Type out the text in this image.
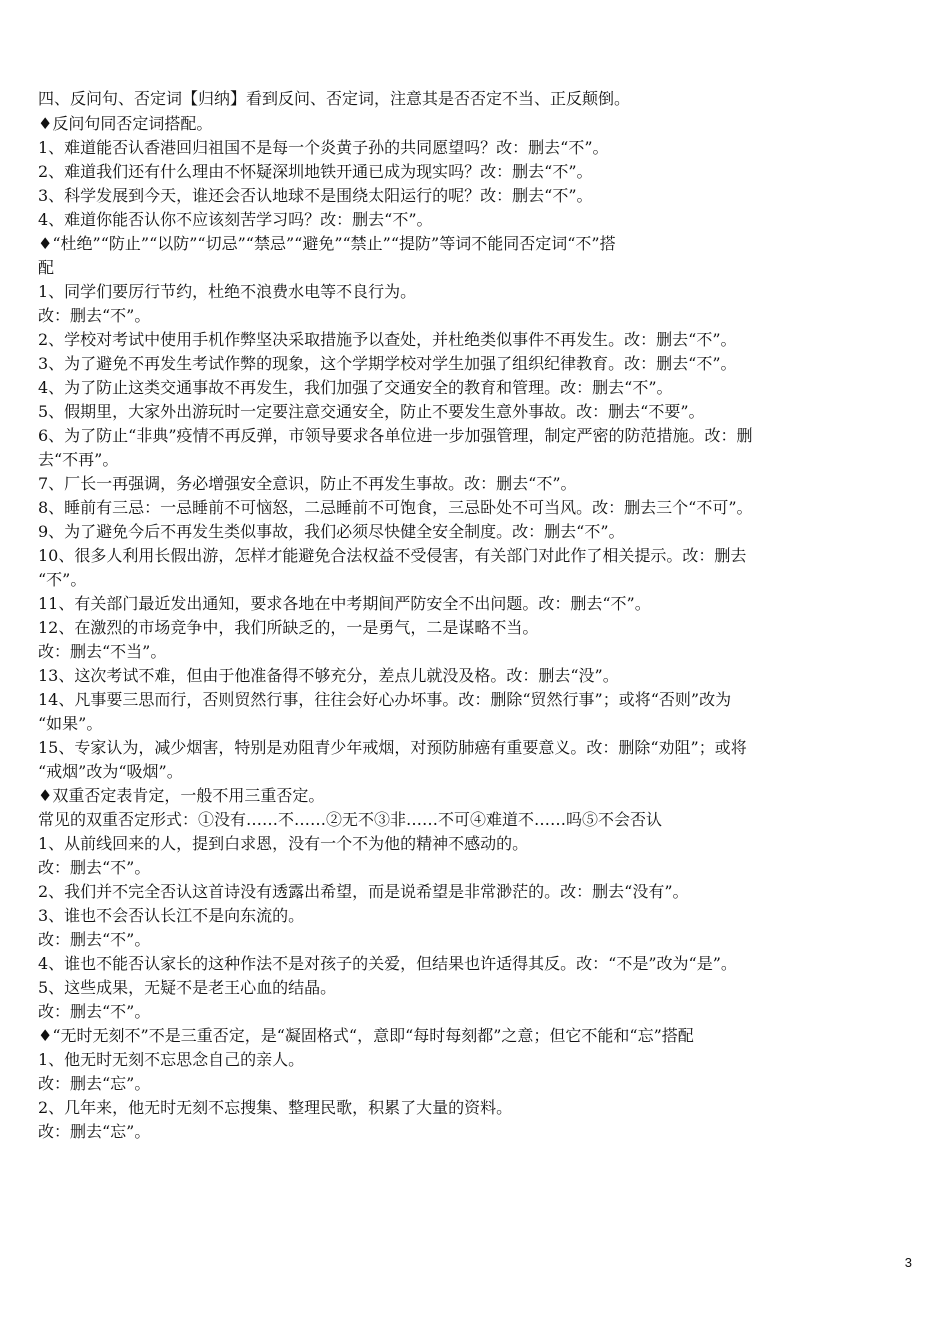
四、反问句、否定词【归纳】看到反问、否定词，注意其是否否定不当、正反颠倒。
♦反问句同否定词搭配。
1、难道能否认香港回归祖国不是每一个炎黄子孙的共同愿望吗？改：删去“不”。
2、难道我们还有什么理由不怀疑深圳地铁开通已成为现实吗？改：删去“不”。
3、科学发展到今天，谁还会否认地球不是围绕太阳运行的呢？改：删去“不”。
4、难道你能否认你不应该刻苦学习吗？改：删去“不”。
♦“杜绝”“防止”“以防”“切忌”“禁忌”“避免”“禁止”“提防”等词不能同否定词“不”搭
配
1、同学们要厉行节约，杜绝不浪费水电等不良行为。
改：删去“不”。
2、学校对考试中使用手机作弊坚决采取措施予以查处，并杜绝类似事件不再发生。改：删去“不”。
3、为了避免不再发生考试作弊的现象，这个学期学校对学生加强了组织纪律教育。改：删去“不”。
4、为了防止这类交通事故不再发生，我们加强了交通安全的教育和管理。改：删去“不”。
5、假期里，大家外出游玩时一定要注意交通安全，防止不要发生意外事故。改：删去“不要”。
6、为了防止“非典”疫情不再反弹，市领导要求各单位进一步加强管理，制定严密的防范措施。改：删
去“不再”。
7、厂长一再强调，务必增强安全意识，防止不再发生事故。改：删去“不”。
8、睡前有三忌：一忌睡前不可恼怒，二忌睡前不可饱食，三忌卧处不可当风。改：删去三个“不可”。
9、为了避免今后不再发生类似事故，我们必须尽快健全安全制度。改：删去“不”。
10、很多人利用长假出游，怎样才能避免合法权益不受侵害，有关部门对此作了相关提示。改：删去
“不”。
11、有关部门最近发出通知，要求各地在中考期间严防安全不出问题。改：删去“不”。
12、在激烈的市场竞争中，我们所缺乏的，一是勇气，二是谋略不当。
改：删去“不当”。
13、这次考试不难，但由于他准备得不够充分，差点儿就没及格。改：删去“没”。
14、凡事要三思而行，否则贸然行事，往往会好心办坏事。改：删除“贸然行事”；或将“否则”改为
“如果”。
15、专家认为，减少烟害，特别是劝阻青少年戒烟，对预防肺癌有重要意义。改：删除“劝阻”；或将
“戒烟”改为“吸烟”。
♦双重否定表肯定，一般不用三重否定。
常见的双重否定形式：①没有……不……②无不③非……不可④难道不……吗⑤不会否认
1、从前线回来的人，提到白求恩，没有一个不为他的精神不感动的。
改：删去“不”。
2、我们并不完全否认这首诗没有透露出希望，而是说希望是非常渺茫的。改：删去“没有”。
3、谁也不会否认长江不是向东流的。
改：删去“不”。
4、谁也不能否认家长的这种作法不是对孩子的关爱，但结果也许适得其反。改：“不是”改为“是”。
5、这些成果，无疑不是老王心血的结晶。
改：删去“不”。
♦“无时无刻不”不是三重否定，是“凝固格式“，意即“每时每刻都”之意；但它不能和“忘”搭配
1、他无时无刻不忘思念自己的亲人。
改：删去“忘”。
2、几年来，他无时无刻不忘搜集、整理民歌，积累了大量的资料。
改：删去“忘”。
3
